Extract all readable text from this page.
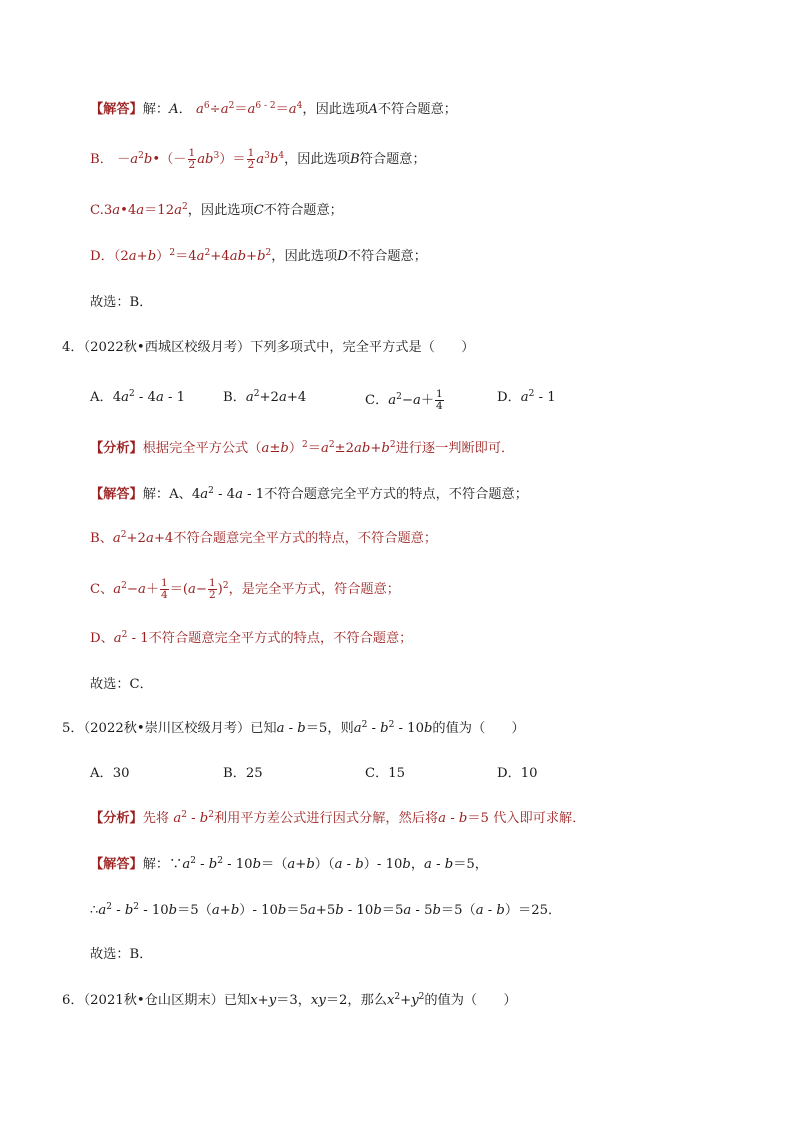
【解答】解：A． $a^6\div a^2=a^{6 - 2}=a^4$，因此选项A不符合题意；
B． $-a^2b•(- \frac{1}{2} ab^3)= \frac{1}{2} a^3b^4$，因此选项B符合题意；
$C.3a•4a=12a^2$，因此选项C不符合题意；
D．$(2a+b)^2=4a^2+4ab+b^2$，因此选项D不符合题意；
故选：B．
4．（2022秋•西城区校级月考）下列多项式中，完全平方式是（　　）
A．$4a^2 - 4a - 1$	B．$a^2+2a+4$	C．$a^2-a+ \frac{1}{4}$	D．$a^2 - 1$
【分析】根据完全平方公式$(a\pm b)^2=a^2\pm 2ab+b^2$进行逐一判断即可．
【解答】解：A、$4a^2 - 4a - 1$不符合题意完全平方式的特点，不符合题意；
B、$a^2+2a+4$不符合题意完全平方式的特点，不符合题意；
C、$a^2-a+ \frac{1}{4} =(a- \frac{1}{2} )^2$，是完全平方式，符合题意；
D、$a^2 - 1$不符合题意完全平方式的特点，不符合题意；
故选：C．
5．（2022秋•崇川区校级月考）已知a - b＝5，则$a^2 - b^2 - 10b$的值为（　　）
A．30	B．25	C．15	D．10
【分析】先将 $a^2 - b^2$利用平方差公式进行因式分解，然后将a - b＝5 代入即可求解．
【解答】解：$\because a^2 - b^2 - 10b=(a+b)(a - b)-$ 10b，a - b＝5，
$\therefore a^2 - b^2 - 10b=5(a+b)-$ 10b＝5a+5b - 10b＝5a - 5b＝5（a - b）＝25．
故选：B．
6．（2021秋•仓山区期末）已知x+y＝3，xy＝2，那么$x^2+y^2$的值为（　　）
